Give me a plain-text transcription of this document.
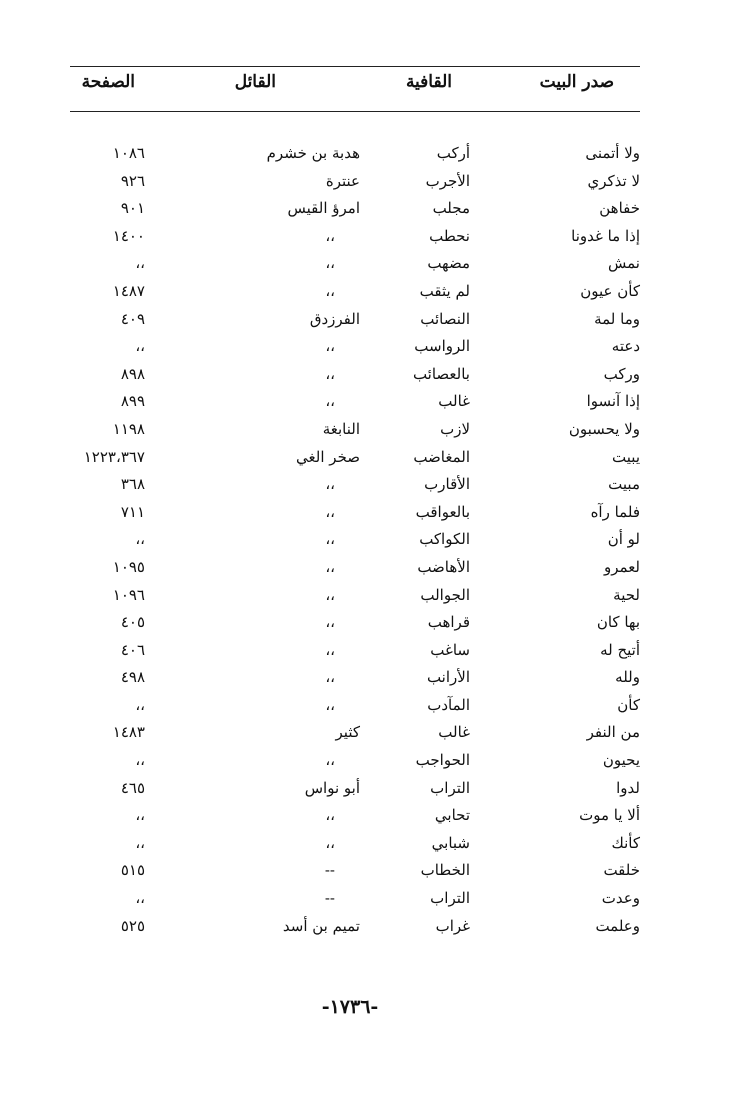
صدر البيت
القافية
القائل
الصفحة
ولا أتمنى
أركب
هدبة بن خشرم
١٠٨٦
لا تذكري
الأجرب
عنترة
٩٢٦
خفاهن
مجلب
امرؤ القيس
٩٠١
إذا ما غدونا
نحطب
،،
١٤٠٠
نمش
مضهب
،،
،،
كأن عيون
لم يثقب
،،
١٤٨٧
وما لمة
النصائب
الفرزدق
٤٠٩
دعته
الرواسب
،،
،،
وركب
بالعصائب
،،
٨٩٨
إذا آنسوا
غالب
،،
٨٩٩
ولا يحسبون
لازب
النابغة
١١٩٨
يبيت
المغاضب
صخر الغي
١٢٢٣،٣٦٧
مبيت
الأقارب
،،
٣٦٨
فلما رآه
بالعواقب
،،
٧١١
لو أن
الكواكب
،،
،،
لعمرو
الأهاضب
،،
١٠٩٥
لحية
الجوالب
،،
١٠٩٦
بها كان
قراهب
،،
٤٠٥
أتيح له
ساغب
،،
٤٠٦
ولله
الأرانب
،،
٤٩٨
كأن
المآدب
،،
،،
من النفر
غالب
كثير
١٤٨٣
يحيون
الحواجب
،،
،،
لدوا
التراب
أبو نواس
٤٦٥
ألا يا موت
تحابي
،،
،،
كأنك
شبابي
،،
،،
خلقت
الخطاب
--
٥١٥
وعدت
التراب
--
،،
وعلمت
غراب
تميم بن أسد
٥٢٥
-١٧٣٦-
